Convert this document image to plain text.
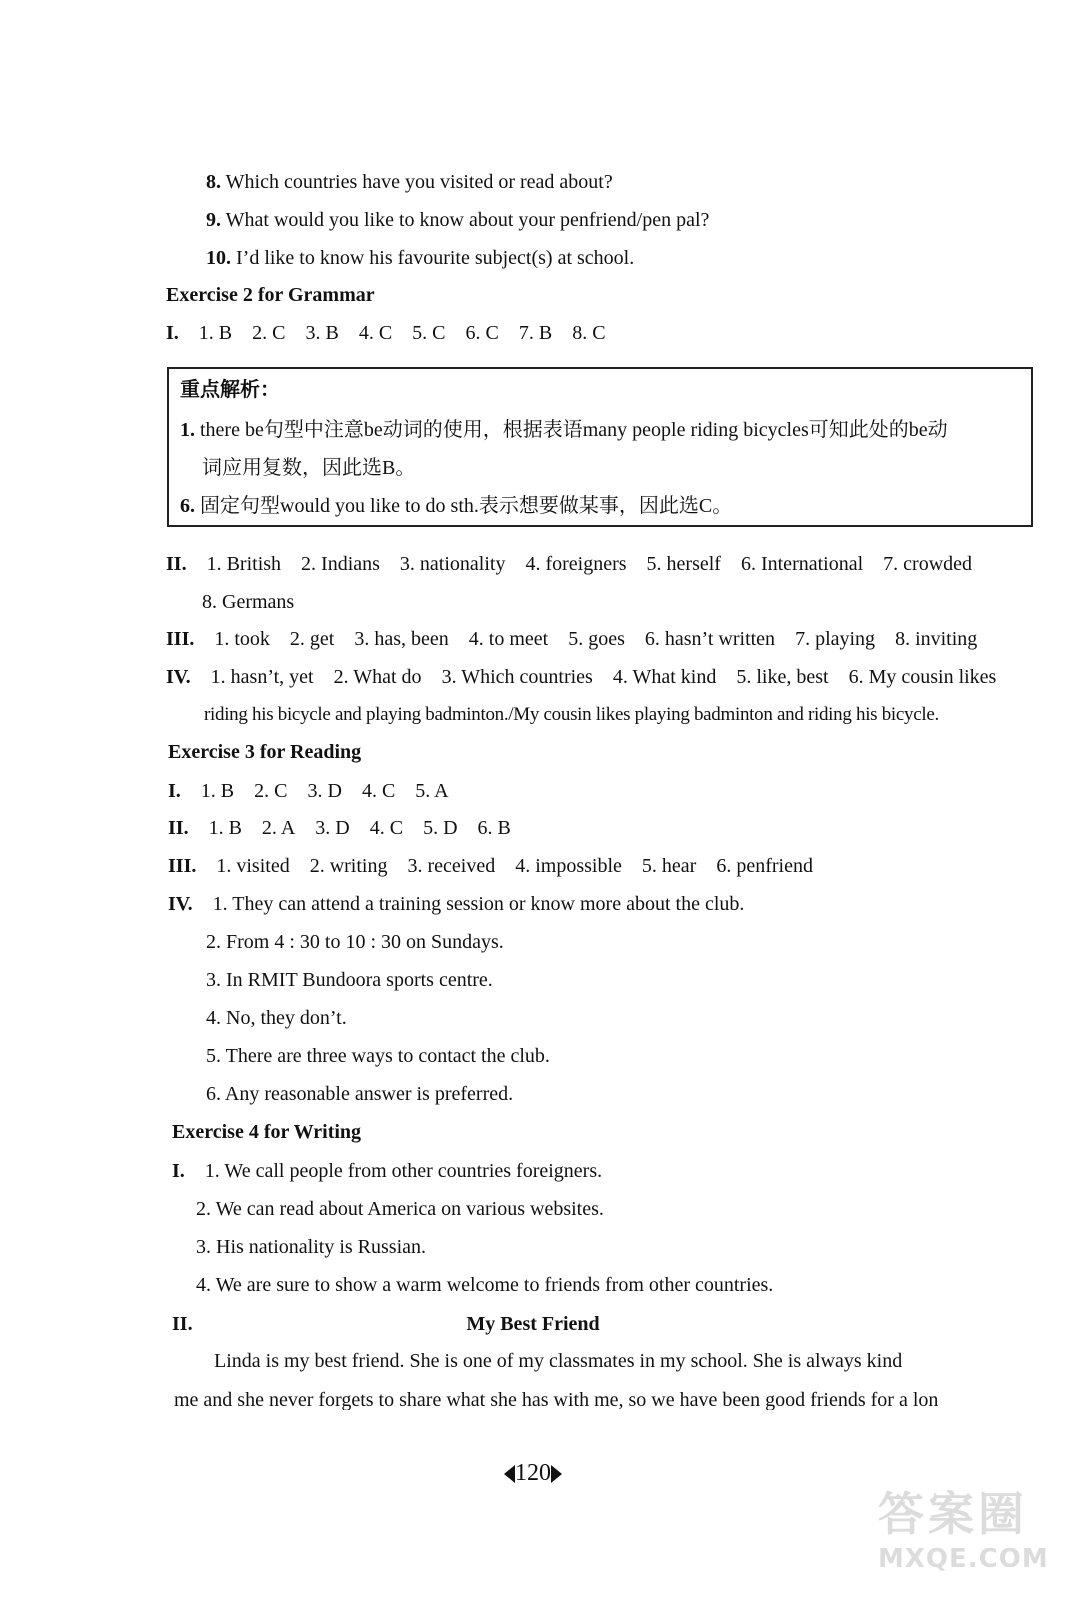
8. Which countries have you visited or read about?
9. What would you like to know about your penfriend/pen pal?
10. I’d like to know his favourite subject(s) at school.
Exercise 2 for Grammar
I. 1. B 2. C 3. B 4. C 5. C 6. C 7. B 8. C
重点解析：
1. there be句型中注意be动词的使用，根据表语many people riding bicycles可知此处的be动
词应用复数，因此选B。
6. 固定句型would you like to do sth.表示想要做某事，因此选C。
II. 1. British 2. Indians 3. nationality 4. foreigners 5. herself 6. International 7. crowded
8. Germans
III. 1. took 2. get 3. has, been 4. to meet 5. goes 6. hasn’t written 7. playing 8. inviting
IV. 1. hasn’t, yet 2. What do 3. Which countries 4. What kind 5. like, best 6. My cousin likes
riding his bicycle and playing badminton./My cousin likes playing badminton and riding his bicycle.
Exercise 3 for Reading
I. 1. B 2. C 3. D 4. C 5. A
II. 1. B 2. A 3. D 4. C 5. D 6. B
III. 1. visited 2. writing 3. received 4. impossible 5. hear 6. penfriend
IV. 1. They can attend a training session or know more about the club.
2. From 4 : 30 to 10 : 30 on Sundays.
3. In RMIT Bundoora sports centre.
4. No, they don’t.
5. There are three ways to contact the club.
6. Any reasonable answer is preferred.
Exercise 4 for Writing
I. 1. We call people from other countries foreigners.
2. We can read about America on various websites.
3. His nationality is Russian.
4. We are sure to show a warm welcome to friends from other countries.
II.	My Best Friend
Linda is my best friend. She is one of my classmates in my school. She is always kind
me and she never forgets to share what she has with me, so we have been good friends for a lon
120
答案圈
MXQE.COM
